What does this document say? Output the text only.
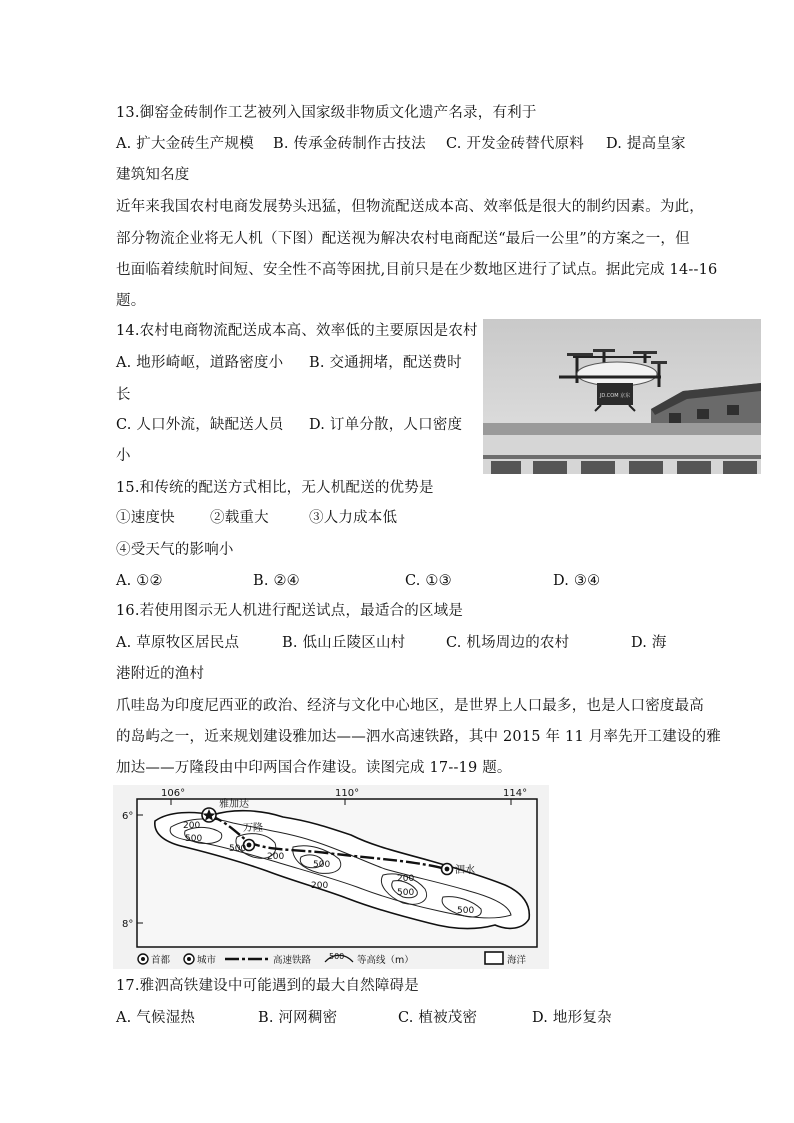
13.御窑金砖制作工艺被列入国家级非物质文化遗产名录，有利于
A. 扩大金砖生产规模 B. 传承金砖制作古技法 C. 开发金砖替代原料 D. 提高皇家
建筑知名度
近年来我国农村电商发展势头迅猛，但物流配送成本高、效率低是很大的制约因素。为此，
部分物流企业将无人机（下图）配送视为解决农村电商配送“最后一公里”的方案之一，但
也面临着续航时间短、安全性不高等困扰,目前只是在少数地区进行了试点。据此完成 14--16
题。
14.农村电商物流配送成本高、效率低的主要原因是农村
A. 地形崎岖，道路密度小 B. 交通拥堵，配送费时
长
C. 人口外流，缺配送人员 D. 订单分散，人口密度
小
JD.COM 京东
15.和传统的配送方式相比，无人机配送的优势是
①速度快 ②载重大	③人力成本低
④受天气的影响小
A. ①②	B. ②④	C. ①③	D. ③④
16.若使用图示无人机进行配送试点，最适合的区域是
A. 草原牧区居民点	B. 低山丘陵区山村	C. 机场周边的农村	D. 海
港附近的渔村
爪哇岛为印度尼西亚的政治、经济与文化中心地区，是世界上人口最多，也是人口密度最高
的岛屿之一，近来规划建设雅加达——泗水高速铁路，其中 2015 年 11 月率先开工建设的雅
加达——万隆段由中印两国合作建设。读图完成 17--19 题。
106°	110°	114°
6°
8°
雅加达
万隆
泗水
200
500
500
200
500
200
200
500
500
首都	城市	高速铁路 500 等高线（m）	海洋
17.雅泗高铁建设中可能遇到的最大自然障碍是
A. 气候湿热	B. 河网稠密	C. 植被茂密	D. 地形复杂
